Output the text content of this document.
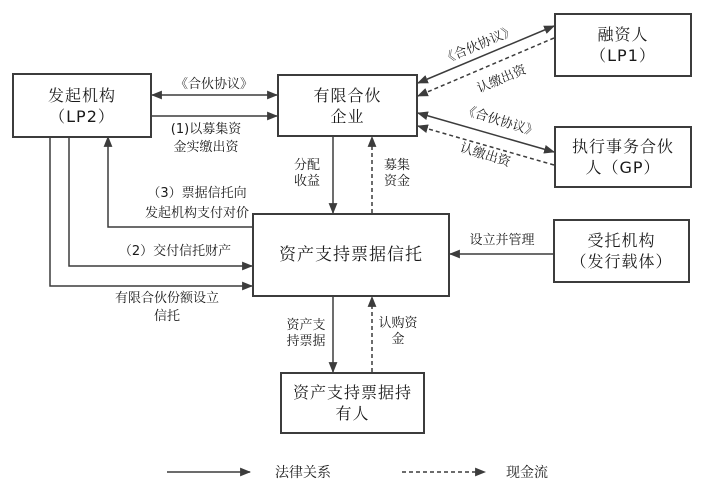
发起机构
（LP2）
有限合伙
企业
融资人
（LP1）
执行事务合伙
人（GP）
受托机构
（发行载体）
资产支持票据信托
资产支持票据持
有人
《合伙协议》
(1)以募集资
金实缴出资
《合伙协议》
认缴出资
《合伙协议》
认缴出资
分配
收益
募集
资金
（3）票据信托向
发起机构支付对价
（2）交付信托财产
有限合伙份额设立
信托
设立并管理
资产支
持票据
认购资
金
法律关系	现金流
